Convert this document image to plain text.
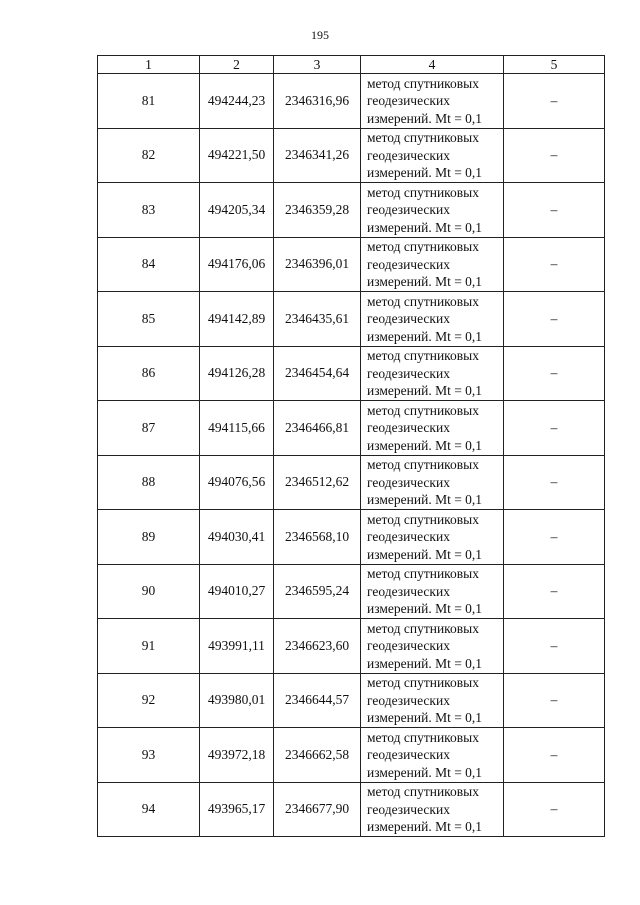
195
1	2	3	4	5
81	494244,23	2346316,96	метод спутниковых
геодезических
измерений. Mt = 0,1	–
82	494221,50	2346341,26	метод спутниковых
геодезических
измерений. Mt = 0,1	–
83	494205,34	2346359,28	метод спутниковых
геодезических
измерений. Mt = 0,1	–
84	494176,06	2346396,01	метод спутниковых
геодезических
измерений. Mt = 0,1	–
85	494142,89	2346435,61	метод спутниковых
геодезических
измерений. Mt = 0,1	–
86	494126,28	2346454,64	метод спутниковых
геодезических
измерений. Mt = 0,1	–
87	494115,66	2346466,81	метод спутниковых
геодезических
измерений. Mt = 0,1	–
88	494076,56	2346512,62	метод спутниковых
геодезических
измерений. Mt = 0,1	–
89	494030,41	2346568,10	метод спутниковых
геодезических
измерений. Mt = 0,1	–
90	494010,27	2346595,24	метод спутниковых
геодезических
измерений. Mt = 0,1	–
91	493991,11	2346623,60	метод спутниковых
геодезических
измерений. Mt = 0,1	–
92	493980,01	2346644,57	метод спутниковых
геодезических
измерений. Mt = 0,1	–
93	493972,18	2346662,58	метод спутниковых
геодезических
измерений. Mt = 0,1	–
94	493965,17	2346677,90	метод спутниковых
геодезических
измерений. Mt = 0,1	–
